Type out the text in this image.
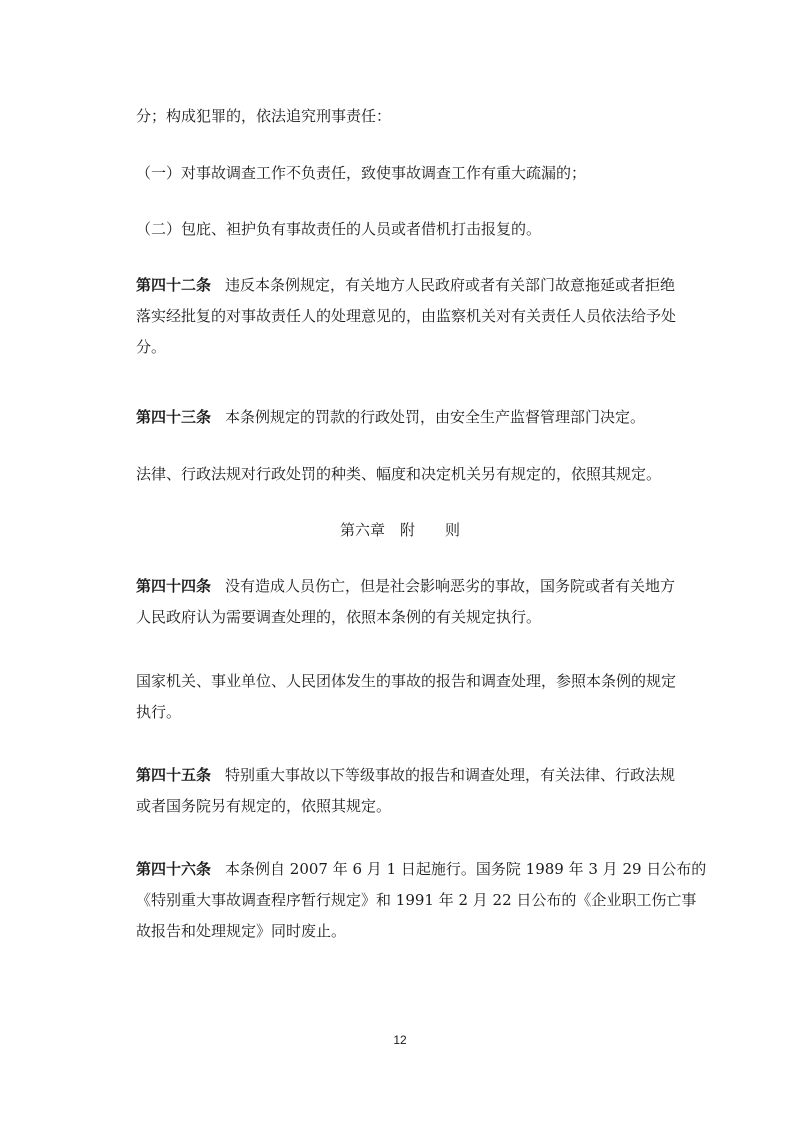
分；构成犯罪的，依法追究刑事责任：
（一）对事故调查工作不负责任，致使事故调查工作有重大疏漏的；
（二）包庇、袒护负有事故责任的人员或者借机打击报复的。
第四十二条 违反本条例规定，有关地方人民政府或者有关部门故意拖延或者拒绝
落实经批复的对事故责任人的处理意见的，由监察机关对有关责任人员依法给予处
分。
第四十三条 本条例规定的罚款的行政处罚，由安全生产监督管理部门决定。
法律、行政法规对行政处罚的种类、幅度和决定机关另有规定的，依照其规定。
第六章　附　　则
第四十四条 没有造成人员伤亡，但是社会影响恶劣的事故，国务院或者有关地方
人民政府认为需要调查处理的，依照本条例的有关规定执行。
国家机关、事业单位、人民团体发生的事故的报告和调查处理，参照本条例的规定
执行。
第四十五条 特别重大事故以下等级事故的报告和调查处理，有关法律、行政法规
或者国务院另有规定的，依照其规定。
第四十六条 本条例自 2007 年 6 月 1 日起施行。国务院 1989 年 3 月 29 日公布的
《特别重大事故调查程序暂行规定》和 1991 年 2 月 22 日公布的《企业职工伤亡事
故报告和处理规定》同时废止。
12
